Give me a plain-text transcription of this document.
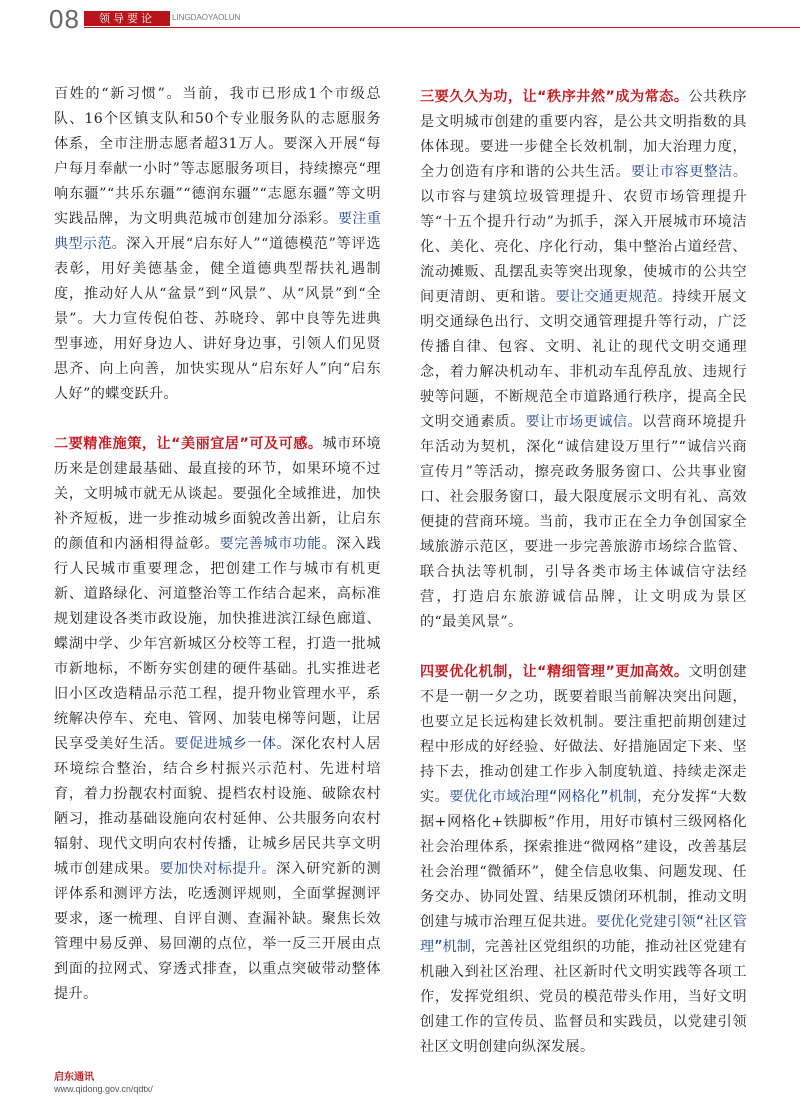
08	领导要论	LINGDAOYAOLUN

百姓的“新习惯”。当前，我市已形成1个市级总队、16个区镇支队和50个专业服务队的志愿服务体系，全市注册志愿者超31万人。要深入开展“每户每月奉献一小时”等志愿服务项目，持续擦亮“理响东疆”“共乐东疆”“德润东疆”“志愿东疆”等文明实践品牌，为文明典范城市创建加分添彩。要注重典型示范。深入开展“启东好人”“道德模范”等评选表彰，用好美德基金，健全道德典型帮扶礼遇制度，推动好人从“盆景”到“风景”、从“风景”到“全景”。大力宣传倪伯苍、苏晓玲、郭中良等先进典型事迹，用好身边人、讲好身边事，引领人们见贤思齐、向上向善，加快实现从“启东好人”向“启东人好”的蝶变跃升。

二要精准施策，让“美丽宜居”可及可感。城市环境历来是创建最基础、最直接的环节，如果环境不过关，文明城市就无从谈起。要强化全域推进，加快补齐短板，进一步推动城乡面貌改善出新，让启东的颜值和内涵相得益彰。要完善城市功能。深入践行人民城市重要理念，把创建工作与城市有机更新、道路绿化、河道整治等工作结合起来，高标准规划建设各类市政设施，加快推进滨江绿色廊道、蝶湖中学、少年宫新城区分校等工程，打造一批城市新地标，不断夯实创建的硬件基础。扎实推进老旧小区改造精品示范工程，提升物业管理水平，系统解决停车、充电、管网、加装电梯等问题，让居民享受美好生活。要促进城乡一体。深化农村人居环境综合整治，结合乡村振兴示范村、先进村培育，着力扮靓农村面貌、提档农村设施、破除农村陋习，推动基础设施向农村延伸、公共服务向农村辐射、现代文明向农村传播，让城乡居民共享文明城市创建成果。要加快对标提升。深入研究新的测评体系和测评方法，吃透测评规则，全面掌握测评要求，逐一梳理、自评自测、查漏补缺。聚焦长效管理中易反弹、易回潮的点位，举一反三开展由点到面的拉网式、穿透式排查，以重点突破带动整体提升。

三要久久为功，让“秩序井然”成为常态。公共秩序是文明城市创建的重要内容，是公共文明指数的具体体现。要进一步健全长效机制，加大治理力度，全力创造有序和谐的公共生活。要让市容更整洁。以市容与建筑垃圾管理提升、农贸市场管理提升等“十五个提升行动”为抓手，深入开展城市环境洁化、美化、亮化、序化行动，集中整治占道经营、流动摊贩、乱摆乱卖等突出现象，使城市的公共空间更清朗、更和谐。要让交通更规范。持续开展文明交通绿色出行、文明交通管理提升等行动，广泛传播自律、包容、文明、礼让的现代文明交通理念，着力解决机动车、非机动车乱停乱放、违规行驶等问题，不断规范全市道路通行秩序，提高全民文明交通素质。要让市场更诚信。以营商环境提升年活动为契机，深化“诚信建设万里行”“诚信兴商宣传月”等活动，擦亮政务服务窗口、公共事业窗口、社会服务窗口，最大限度展示文明有礼、高效便捷的营商环境。当前，我市正在全力争创国家全域旅游示范区，要进一步完善旅游市场综合监管、联合执法等机制，引导各类市场主体诚信守法经营，打造启东旅游诚信品牌，让文明成为景区的“最美风景”。

四要优化机制，让“精细管理”更加高效。文明创建不是一朝一夕之功，既要着眼当前解决突出问题，也要立足长远构建长效机制。要注重把前期创建过程中形成的好经验、好做法、好措施固定下来、坚持下去，推动创建工作步入制度轨道、持续走深走实。要优化市域治理“网格化”机制，充分发挥“大数据+网格化+铁脚板”作用，用好市镇村三级网格化社会治理体系，探索推进“微网格”建设，改善基层社会治理“微循环”，健全信息收集、问题发现、任务交办、协同处置、结果反馈闭环机制，推动文明创建与城市治理互促共进。要优化党建引领“社区管理”机制，完善社区党组织的功能，推动社区党建有机融入到社区治理、社区新时代文明实践等各项工作，发挥党组织、党员的模范带头作用，当好文明创建工作的宣传员、监督员和实践员，以党建引领社区文明创建向纵深发展。

启东通讯
www.qidong.gov.cn/qdtx/
